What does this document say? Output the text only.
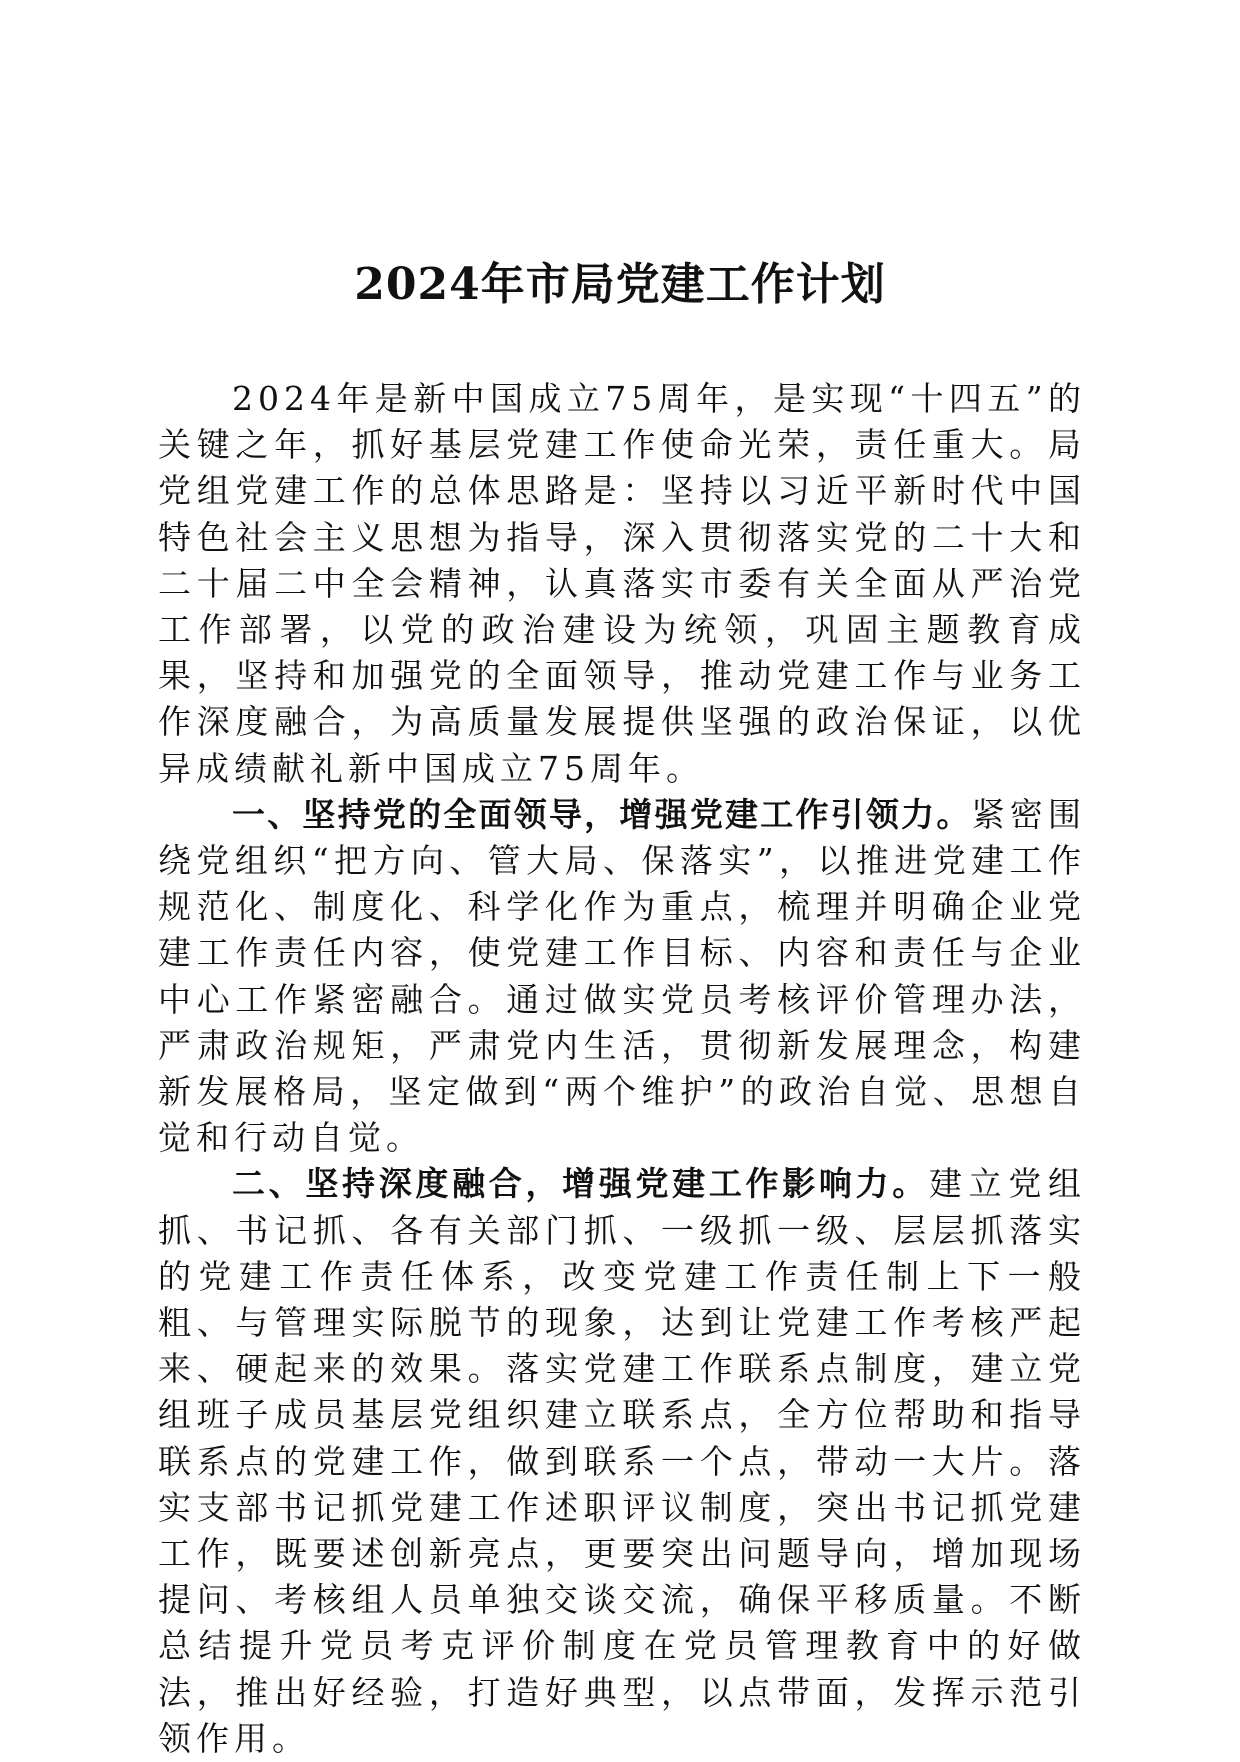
2024年市局党建工作计划

2024年是新中国成立75周年，是实现“十四五”的关键之年，抓好基层党建工作使命光荣，责任重大。局党组党建工作的总体思路是：坚持以习近平新时代中国特色社会主义思想为指导，深入贯彻落实党的二十大和二十届二中全会精神，认真落实市委有关全面从严治党工作部署，以党的政治建设为统领，巩固主题教育成果，坚持和加强党的全面领导，推动党建工作与业务工作深度融合，为高质量发展提供坚强的政治保证，以优异成绩献礼新中国成立75周年。

一、坚持党的全面领导，增强党建工作引领力。紧密围绕党组织“把方向、管大局、保落实”，以推进党建工作规范化、制度化、科学化作为重点，梳理并明确企业党建工作责任内容，使党建工作目标、内容和责任与企业中心工作紧密融合。通过做实党员考核评价管理办法，严肃政治规矩，严肃党内生活，贯彻新发展理念，构建新发展格局，坚定做到“两个维护”的政治自觉、思想自觉和行动自觉。

二、坚持深度融合，增强党建工作影响力。建立党组抓、书记抓、各有关部门抓、一级抓一级、层层抓落实的党建工作责任体系，改变党建工作责任制上下一般粗、与管理实际脱节的现象，达到让党建工作考核严起来、硬起来的效果。落实党建工作联系点制度，建立党组班子成员基层党组织建立联系点，全方位帮助和指导联系点的党建工作，做到联系一个点，带动一大片。落实支部书记抓党建工作述职评议制度，突出书记抓党建工作，既要述创新亮点，更要突出问题导向，增加现场提问、考核组人员单独交谈交流，确保平移质量。不断总结提升党员考克评价制度在党员管理教育中的好做法，推出好经验，打造好典型，以点带面，发挥示范引领作用。
